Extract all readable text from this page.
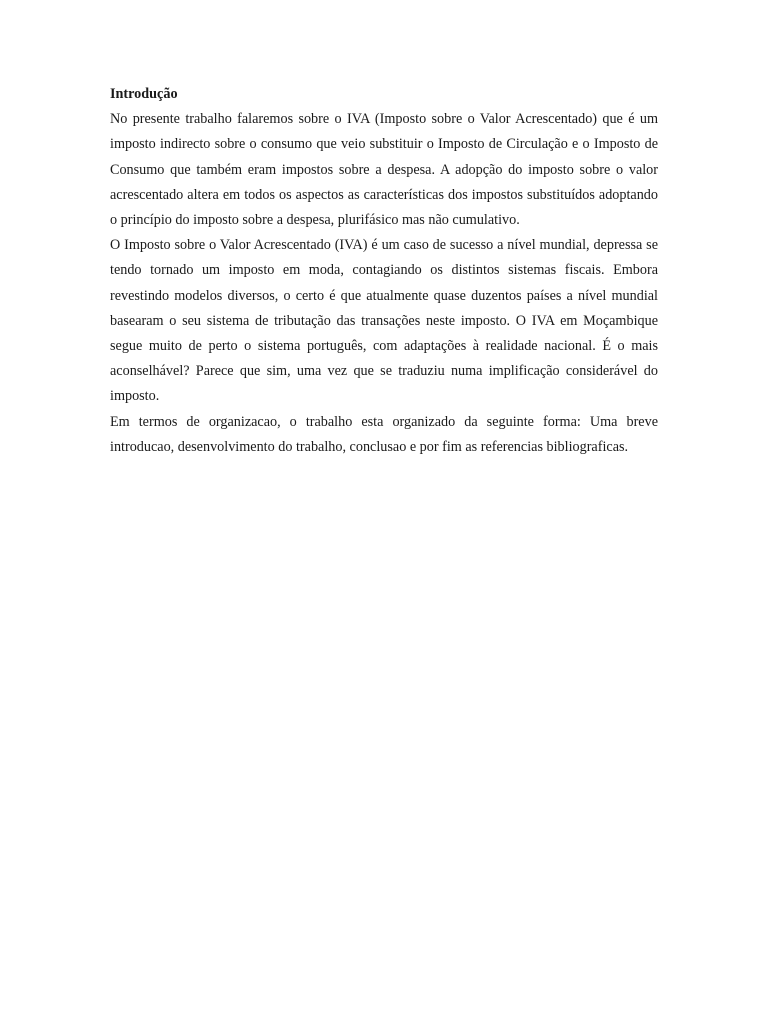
Introdução

No presente trabalho falaremos sobre o IVA (Imposto sobre o Valor Acrescentado) que é um imposto indirecto sobre o consumo que veio substituir o Imposto de Circulação e o Imposto de Consumo que também eram impostos sobre a despesa. A adopção do imposto sobre o valor acrescentado altera em todos os aspectos as características dos impostos substituídos adoptando o princípio do imposto sobre a despesa, plurifásico mas não cumulativo.

O Imposto sobre o Valor Acrescentado (IVA) é um caso de sucesso a nível mundial, depressa se tendo tornado um imposto em moda, contagiando os distintos sistemas fiscais. Embora revestindo modelos diversos, o certo é que atualmente quase duzentos países a nível mundial basearam o seu sistema de tributação das transações neste imposto. O IVA em Moçambique segue muito de perto o sistema português, com adaptações à realidade nacional. É o mais aconselhável? Parece que sim, uma vez que se traduziu numa implificação considerável do imposto.

Em termos de organizacao, o trabalho esta organizado da seguinte forma: Uma breve introducao, desenvolvimento do trabalho, conclusao e por fim as referencias bibliograficas.
